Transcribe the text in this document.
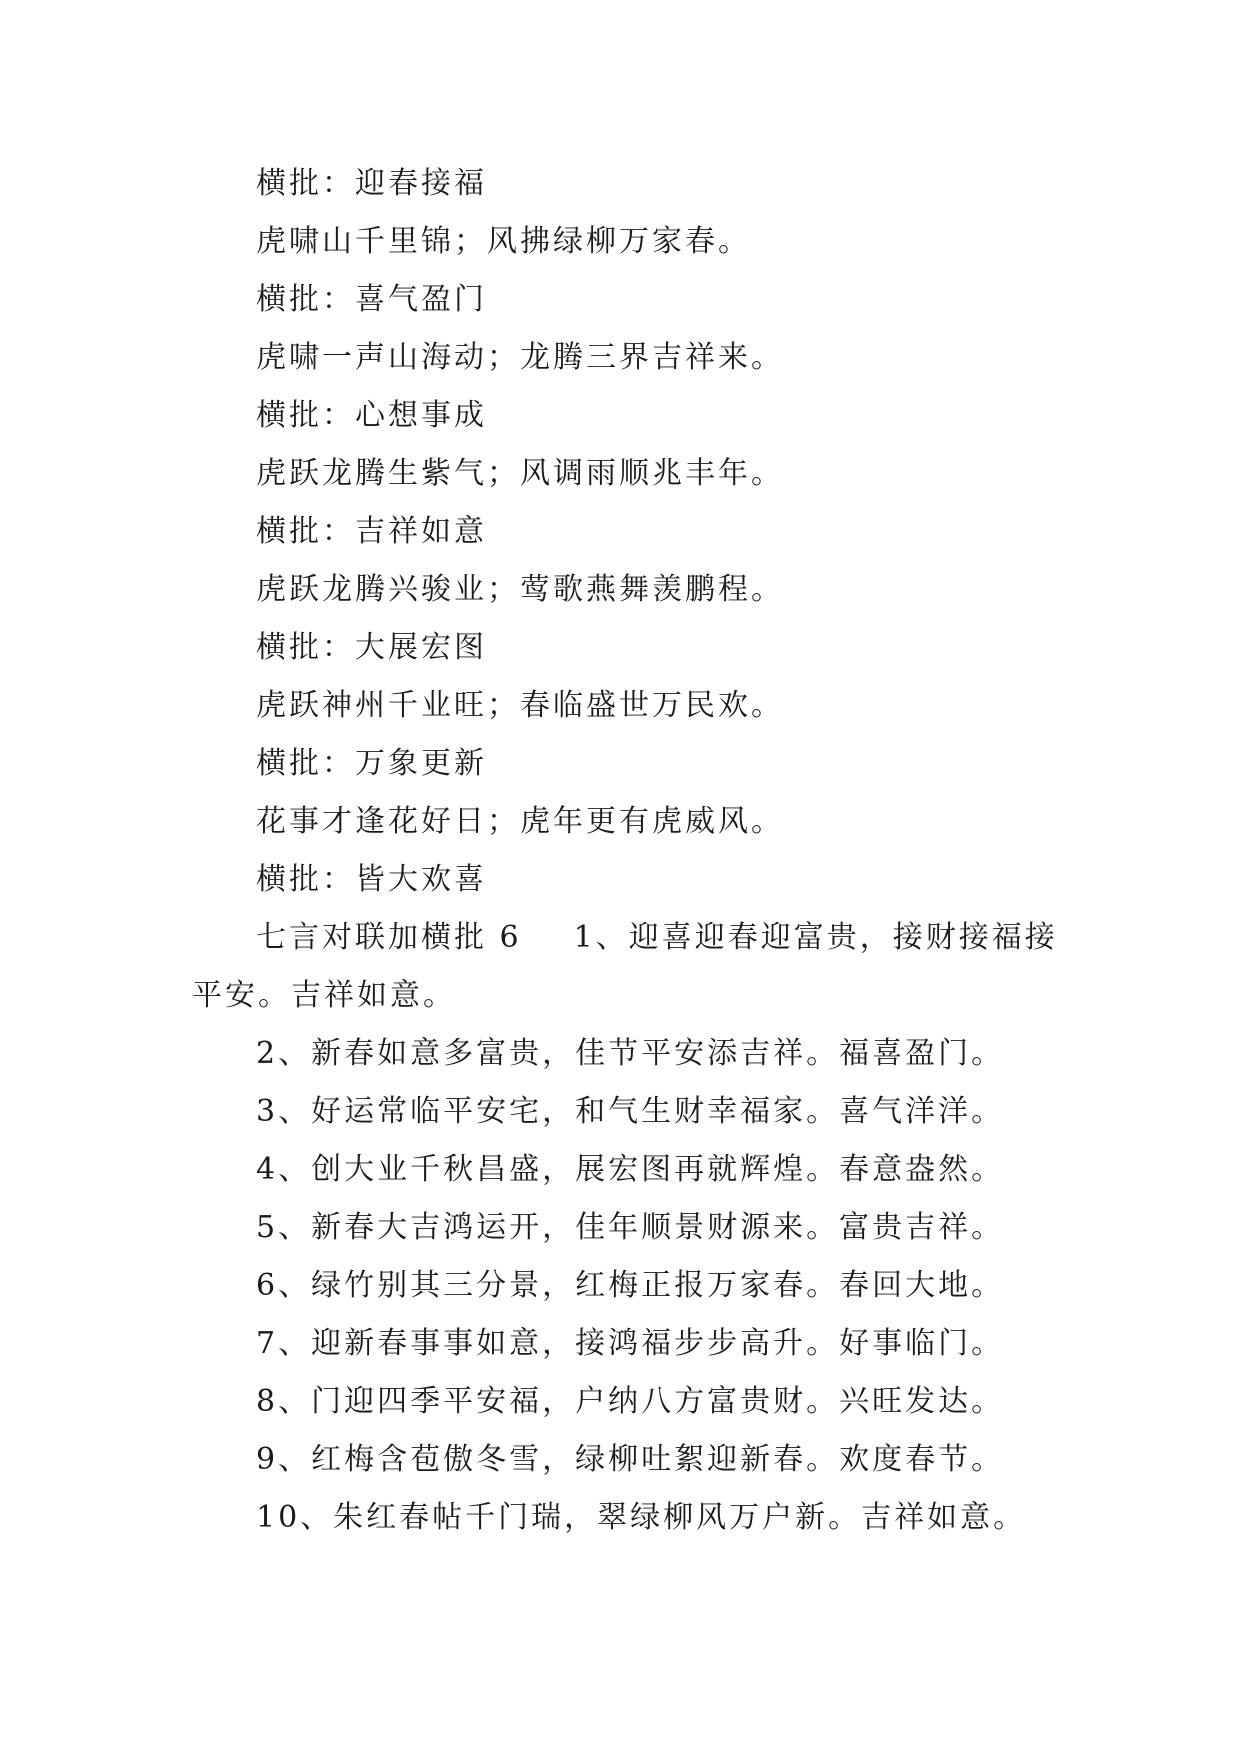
横批：迎春接福
虎啸山千里锦；风拂绿柳万家春。
横批：喜气盈门
虎啸一声山海动；龙腾三界吉祥来。
横批：心想事成
虎跃龙腾生紫气；风调雨顺兆丰年。
横批：吉祥如意
虎跃龙腾兴骏业；莺歌燕舞羡鹏程。
横批：大展宏图
虎跃神州千业旺；春临盛世万民欢。
横批：万象更新
花事才逢花好日；虎年更有虎威风。
横批：皆大欢喜
七言对联加横批 6 1、迎喜迎春迎富贵，接财接福接
平安。吉祥如意。
2、新春如意多富贵，佳节平安添吉祥。福喜盈门。
3、好运常临平安宅，和气生财幸福家。喜气洋洋。
4、创大业千秋昌盛，展宏图再就辉煌。春意盎然。
5、新春大吉鸿运开，佳年顺景财源来。富贵吉祥。
6、绿竹别其三分景，红梅正报万家春。春回大地。
7、迎新春事事如意，接鸿福步步高升。好事临门。
8、门迎四季平安福，户纳八方富贵财。兴旺发达。
9、红梅含苞傲冬雪，绿柳吐絮迎新春。欢度春节。
10、朱红春帖千门瑞，翠绿柳风万户新。吉祥如意。
